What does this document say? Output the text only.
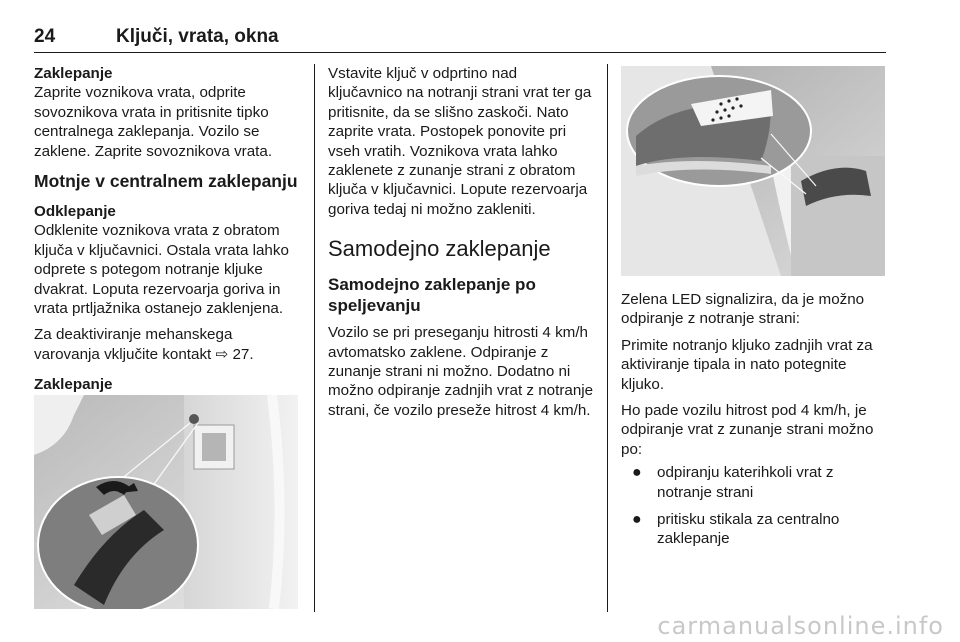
24	Ključi, vrata, okna

Zaklepanje

Zaprite voznikova vrata, odprite sovoznikova vrata in pritisnite tipko centralnega zaklepanja. Vozilo se zaklene. Zaprite sovoznikova vrata.

Motnje v centralnem zaklepanju

Odklepanje

Odklenite voznikova vrata z obratom ključa v ključavnici. Ostala vrata lahko odprete s potegom notranje kljuke dvakrat. Loputa rezervoarja goriva in vrata prtljažnika ostanejo zaklenjena.

Za deaktiviranje mehanskega varovanja vključite kontakt ⇨ 27.

Zaklepanje

Vstavite ključ v odprtino nad ključavnico na notranji strani vrat ter ga pritisnite, da se slišno zaskoči. Nato zaprite vrata. Postopek ponovite pri vseh vratih. Voznikova vrata lahko zaklenete z zunanje strani z obratom ključa v ključavnici. Lopute rezervoarja goriva tedaj ni možno zakleniti.

Samodejno zaklepanje

Samodejno zaklepanje po speljevanju

Vozilo se pri preseganju hitrosti 4 km/h avtomatsko zaklene. Odpiranje z zunanje strani ni možno. Dodatno ni možno odpiranje zadnjih vrat z notranje strani, če vozilo preseže hitrost 4 km/h.

Zelena LED signalizira, da je možno odpiranje z notranje strani:

Primite notranjo kljuko zadnjih vrat za aktiviranje tipala in nato potegnite kljuko.

Ho pade vozilu hitrost pod 4 km/h, je odpiranje vrat z zunanje strani možno po:

● odpiranju katerihkoli vrat z notranje strani
● pritisku stikala za centralno zaklepanje
carmanualsonline.info
